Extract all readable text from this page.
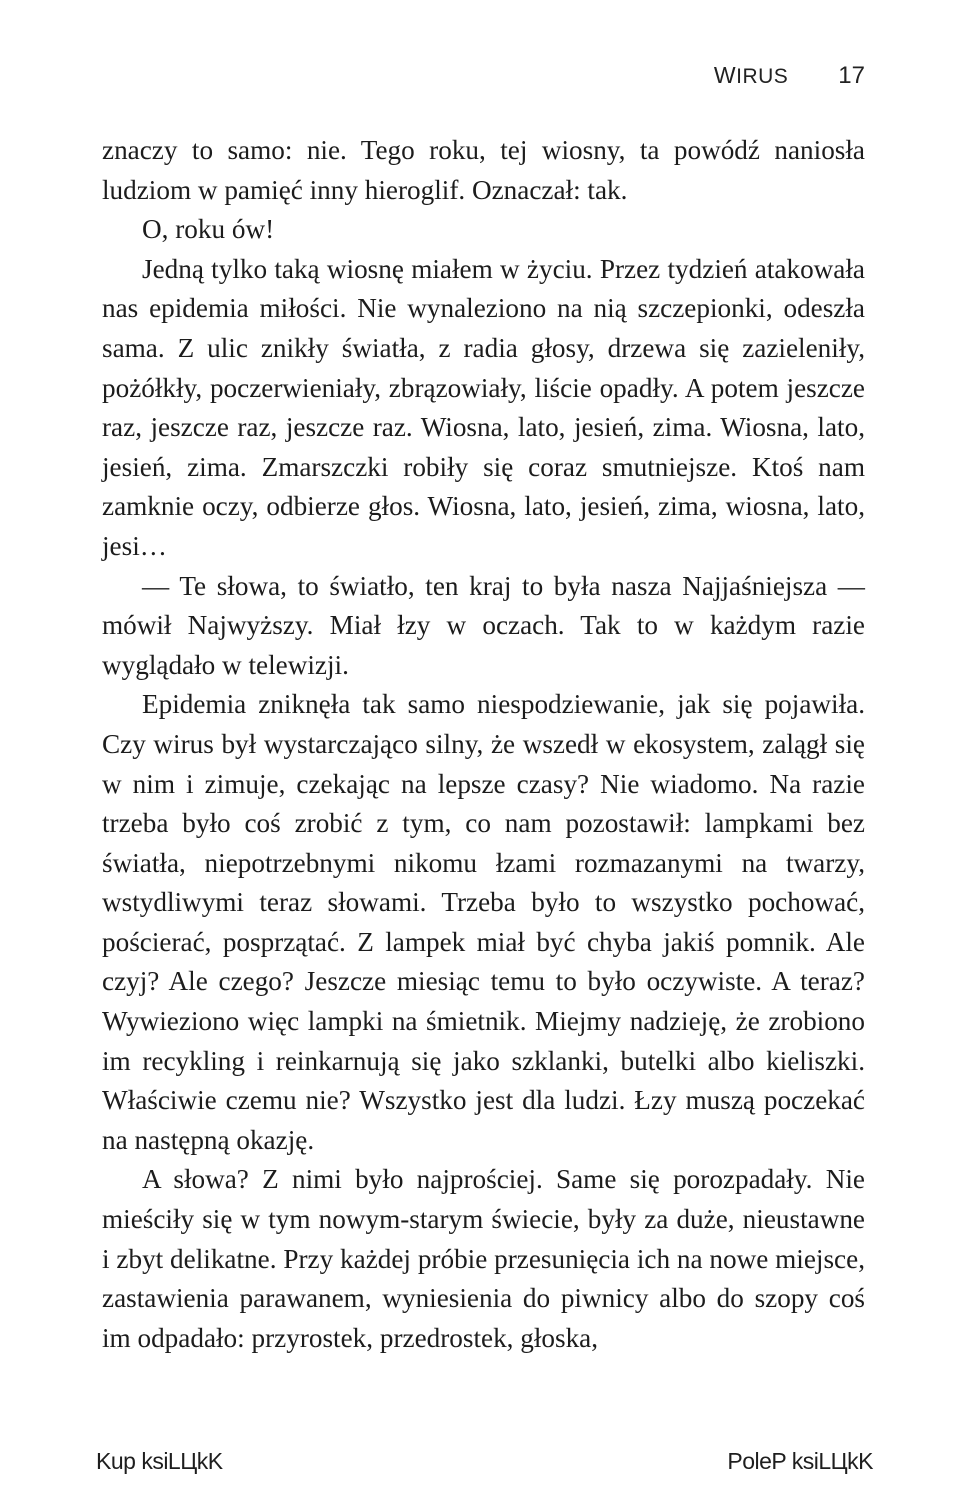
WIRUS 17

znaczy to samo: nie. Tego roku, tej wiosny, ta powódź naniosła ludziom w pamięć inny hieroglif. Oznaczał: tak.

O, roku ów!

Jedną tylko taką wiosnę miałem w życiu. Przez tydzień atakowała nas epidemia miłości. Nie wynaleziono na nią szczepionki, odeszła sama. Z ulic znikły światła, z radia głosy, drzewa się zazieleniły, pożółkły, poczerwieniały, zbrązowiały, liście opadły. A potem jeszcze raz, jeszcze raz, jeszcze raz. Wiosna, lato, jesień, zima. Wiosna, lato, jesień, zima. Zmarszczki robiły się coraz smutniejsze. Ktoś nam zamknie oczy, odbierze głos. Wiosna, lato, jesień, zima, wiosna, lato, jesi…

— Te słowa, to światło, ten kraj to była nasza Najjaśniejsza — mówił Najwyższy. Miał łzy w oczach. Tak to w każdym razie wyglądało w telewizji.

Epidemia zniknęła tak samo niespodziewanie, jak się pojawiła. Czy wirus był wystarczająco silny, że wszedł w ekosystem, zalągł się w nim i zimuje, czekając na lepsze czasy? Nie wiadomo. Na razie trzeba było coś zrobić z tym, co nam pozostawił: lampkami bez światła, niepotrzebnymi nikomu łzami rozmazanymi na twarzy, wstydliwymi teraz słowami. Trzeba było to wszystko pochować, pościerać, posprzątać. Z lampek miał być chyba jakiś pomnik. Ale czyj? Ale czego? Jeszcze miesiąc temu to było oczywiste. A teraz? Wywieziono więc lampki na śmietnik. Miejmy nadzieję, że zrobiono im recykling i reinkarnują się jako szklanki, butelki albo kieliszki. Właściwie czemu nie? Wszystko jest dla ludzi. Łzy muszą poczekać na następną okazję.

A słowa? Z nimi było najprościej. Same się porozpadały. Nie mieściły się w tym nowym-starym świecie, były za duże, nieustawne i zbyt delikatne. Przy każdej próbie przesunięcia ich na nowe miejsce, zastawienia parawanem, wyniesienia do piwnicy albo do szopy coś im odpadało: przyrostek, przedrostek, głoska,

Kup ksiLЦkK	PoleP ksiLЦkK
